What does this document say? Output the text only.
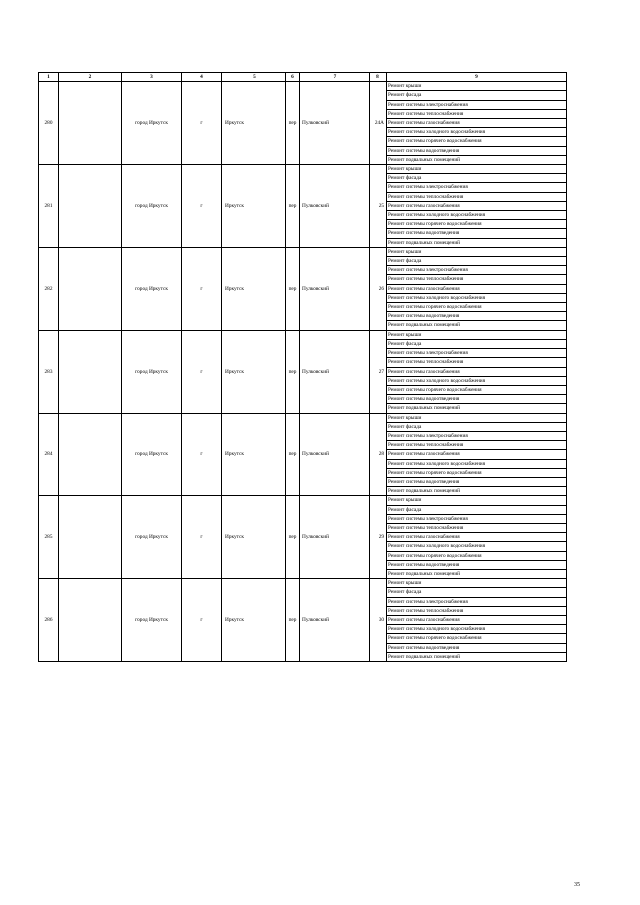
1	2	3	4	5	6	7	8	9
280		город Иркутск	г	Иркутск	пер	Пулковский	24А	Ремонт крыши
								Ремонт фасада
								Ремонт системы электроснабжения
								Ремонт системы теплоснабжения
								Ремонт системы газоснабжения
								Ремонт системы холодного водоснабжения
								Ремонт системы горячего водоснабжения
								Ремонт системы водоотведения
								Ремонт подвальных помещений
281		город Иркутск	г	Иркутск	пер	Пулковский	25	Ремонт крыши
								Ремонт фасада
								Ремонт системы электроснабжения
								Ремонт системы теплоснабжения
								Ремонт системы газоснабжения
								Ремонт системы холодного водоснабжения
								Ремонт системы горячего водоснабжения
								Ремонт системы водоотведения
								Ремонт подвальных помещений
282		город Иркутск	г	Иркутск	пер	Пулковский	26	Ремонт крыши
								Ремонт фасада
								Ремонт системы электроснабжения
								Ремонт системы теплоснабжения
								Ремонт системы газоснабжения
								Ремонт системы холодного водоснабжения
								Ремонт системы горячего водоснабжения
								Ремонт системы водоотведения
								Ремонт подвальных помещений
283		город Иркутск	г	Иркутск	пер	Пулковский	27	Ремонт крыши
								Ремонт фасада
								Ремонт системы электроснабжения
								Ремонт системы теплоснабжения
								Ремонт системы газоснабжения
								Ремонт системы холодного водоснабжения
								Ремонт системы горячего водоснабжения
								Ремонт системы водоотведения
								Ремонт подвальных помещений
284		город Иркутск	г	Иркутск	пер	Пулковский	28	Ремонт крыши
								Ремонт фасада
								Ремонт системы электроснабжения
								Ремонт системы теплоснабжения
								Ремонт системы газоснабжения
								Ремонт системы холодного водоснабжения
								Ремонт системы горячего водоснабжения
								Ремонт системы водоотведения
								Ремонт подвальных помещений
285		город Иркутск	г	Иркутск	пер	Пулковский	29	Ремонт крыши
								Ремонт фасада
								Ремонт системы электроснабжения
								Ремонт системы теплоснабжения
								Ремонт системы газоснабжения
								Ремонт системы холодного водоснабжения
								Ремонт системы горячего водоснабжения
								Ремонт системы водоотведения
								Ремонт подвальных помещений
286		город Иркутск	г	Иркутск	пер	Пулковский	30	Ремонт крыши
								Ремонт фасада
								Ремонт системы электроснабжения
								Ремонт системы теплоснабжения
								Ремонт системы газоснабжения
								Ремонт системы холодного водоснабжения
								Ремонт системы горячего водоснабжения
								Ремонт системы водоотведения
								Ремонт подвальных помещений
35
